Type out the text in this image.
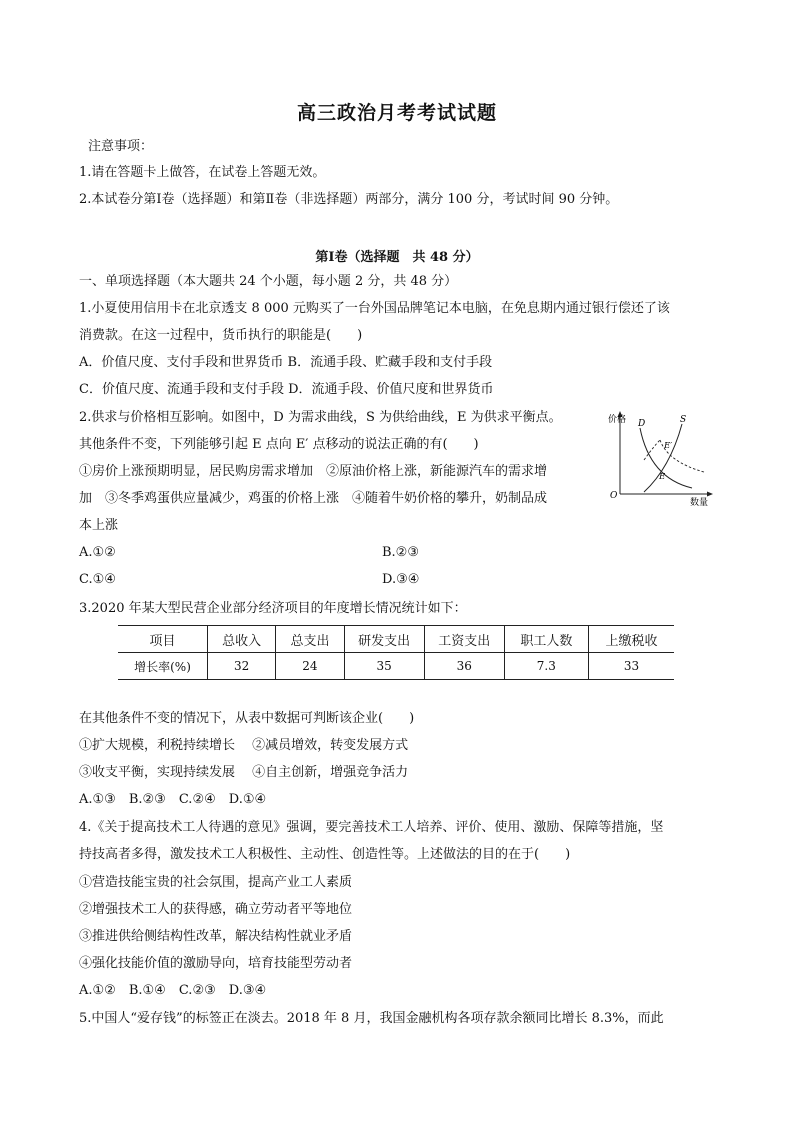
高三政治月考考试试题
注意事项：
1.请在答题卡上做答，在试卷上答题无效。
2.本试卷分第Ⅰ卷（选择题）和第Ⅱ卷（非选择题）两部分，满分 100 分，考试时间 90 分钟。
第Ⅰ卷（选择题　共 48 分）
一、单项选择题（本大题共 24 个小题，每小题 2 分，共 48 分）
1.小夏使用信用卡在北京透支 8 000 元购买了一台外国品牌笔记本电脑，在免息期内通过银行偿还了该
消费款。在这一过程中，货币执行的职能是(　　)
A．价值尺度、支付手段和世界货币 B．流通手段、贮藏手段和支付手段
C．价值尺度、流通手段和支付手段 D．流通手段、价值尺度和世界货币
2.供求与价格相互影响。如图中，D 为需求曲线，S 为供给曲线，E 为供求平衡点。
其他条件不变，下列能够引起 E 点向 E′ 点移动的说法正确的有(　　)
①房价上涨预期明显，居民购房需求增加　②原油价格上涨，新能源汽车的需求增
加　③冬季鸡蛋供应量减少，鸡蛋的价格上涨　④随着牛奶价格的攀升，奶制品成
本上涨
A.①②	B.②③
C.①④	D.③④
价格
数量
O
D	S
E′
E
3.2020 年某大型民营企业部分经济项目的年度增长情况统计如下：
项目	总收入	总支出	研发支出	工资支出	职工人数	上缴税收
增长率(%)	32	24	35	36	7.3	33
在其他条件不变的情况下，从表中数据可判断该企业(　　)
①扩大规模，利税持续增长　 ②减员增效，转变发展方式
③收支平衡，实现持续发展　 ④自主创新，增强竞争活力
A.①③　B.②③　C.②④　D.①④
4.《关于提高技术工人待遇的意见》强调，要完善技术工人培养、评价、使用、激励、保障等措施，坚
持技高者多得，激发技术工人积极性、主动性、创造性等。上述做法的目的在于(　　)
①营造技能宝贵的社会氛围，提高产业工人素质
②增强技术工人的获得感，确立劳动者平等地位
③推进供给侧结构性改革，解决结构性就业矛盾
④强化技能价值的激励导向，培育技能型劳动者
A.①②　B.①④　C.②③　D.③④
5.中国人“爱存钱”的标签正在淡去。2018 年 8 月，我国金融机构各项存款余额同比增长 8.3%，而此
